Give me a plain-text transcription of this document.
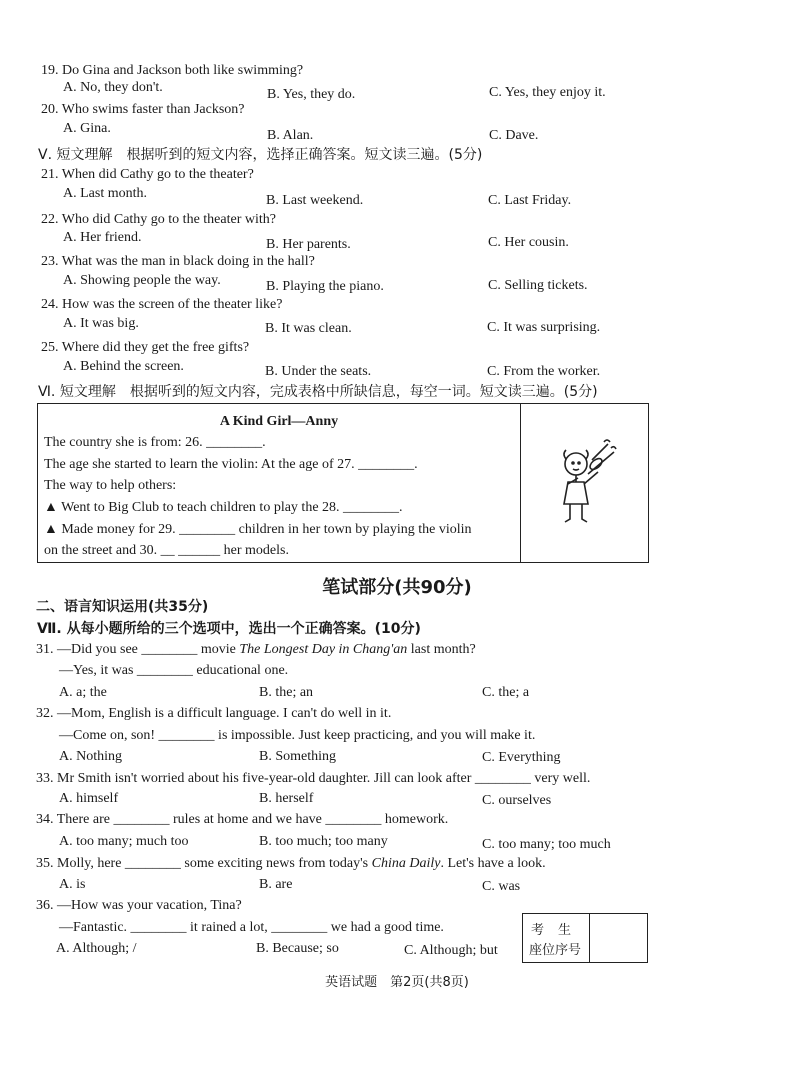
19. Do Gina and Jackson both like swimming?
A. No, they don't.	B. Yes, they do.	C. Yes, they enjoy it.
20. Who swims faster than Jackson?
A. Gina.	B. Alan.	C. Dave.
Ⅴ. 短文理解　根据听到的短文内容，选择正确答案。短文读三遍。(5分)
21. When did Cathy go to the theater?
A. Last month.	B. Last weekend.	C. Last Friday.
22. Who did Cathy go to the theater with?
A. Her friend.	B. Her parents.	C. Her cousin.
23. What was the man in black doing in the hall?
A. Showing people the way.	B. Playing the piano.	C. Selling tickets.
24. How was the screen of the theater like?
A. It was big.	B. It was clean.	C. It was surprising.
25. Where did they get the free gifts?
A. Behind the screen.	B. Under the seats.	C. From the worker.
Ⅵ. 短文理解　根据听到的短文内容，完成表格中所缺信息，每空一词。短文读三遍。(5分)
A Kind Girl—Anny
The country she is from: 26. ________.
The age she started to learn the violin: At the age of 27. ________.
The way to help others:
▲ Went to Big Club to teach children to play the 28. ________.
▲ Made money for 29. ________ children in her town by playing the violin
on the street and 30. __ ______ her models.
笔试部分(共90分)
二、语言知识运用(共35分)
Ⅶ. 从每小题所给的三个选项中，选出一个正确答案。(10分)
31. —Did you see ________ movie The Longest Day in Chang'an last month?
—Yes, it was ________ educational one.
A. a; the	B. the; an	C. the; a
32. —Mom, English is a difficult language. I can't do well in it.
—Come on, son! ________ is impossible. Just keep practicing, and you will make it.
A. Nothing	B. Something	C. Everything
33. Mr Smith isn't worried about his five-year-old daughter. Jill can look after ________ very well.
A. himself	B. herself	C. ourselves
34. There are ________ rules at home and we have ________ homework.
A. too many; much too	B. too much; too many	C. too many; too much
35. Molly, here ________ some exciting news from today's China Daily. Let's have a look.
A. is	B. are	C. was
36. —How was your vacation, Tina?
—Fantastic. ________ it rained a lot, ________ we had a good time.
A. Although; /	B. Because; so	C. Although; but
考生
座位序号
英语试题　第2页(共8页)
